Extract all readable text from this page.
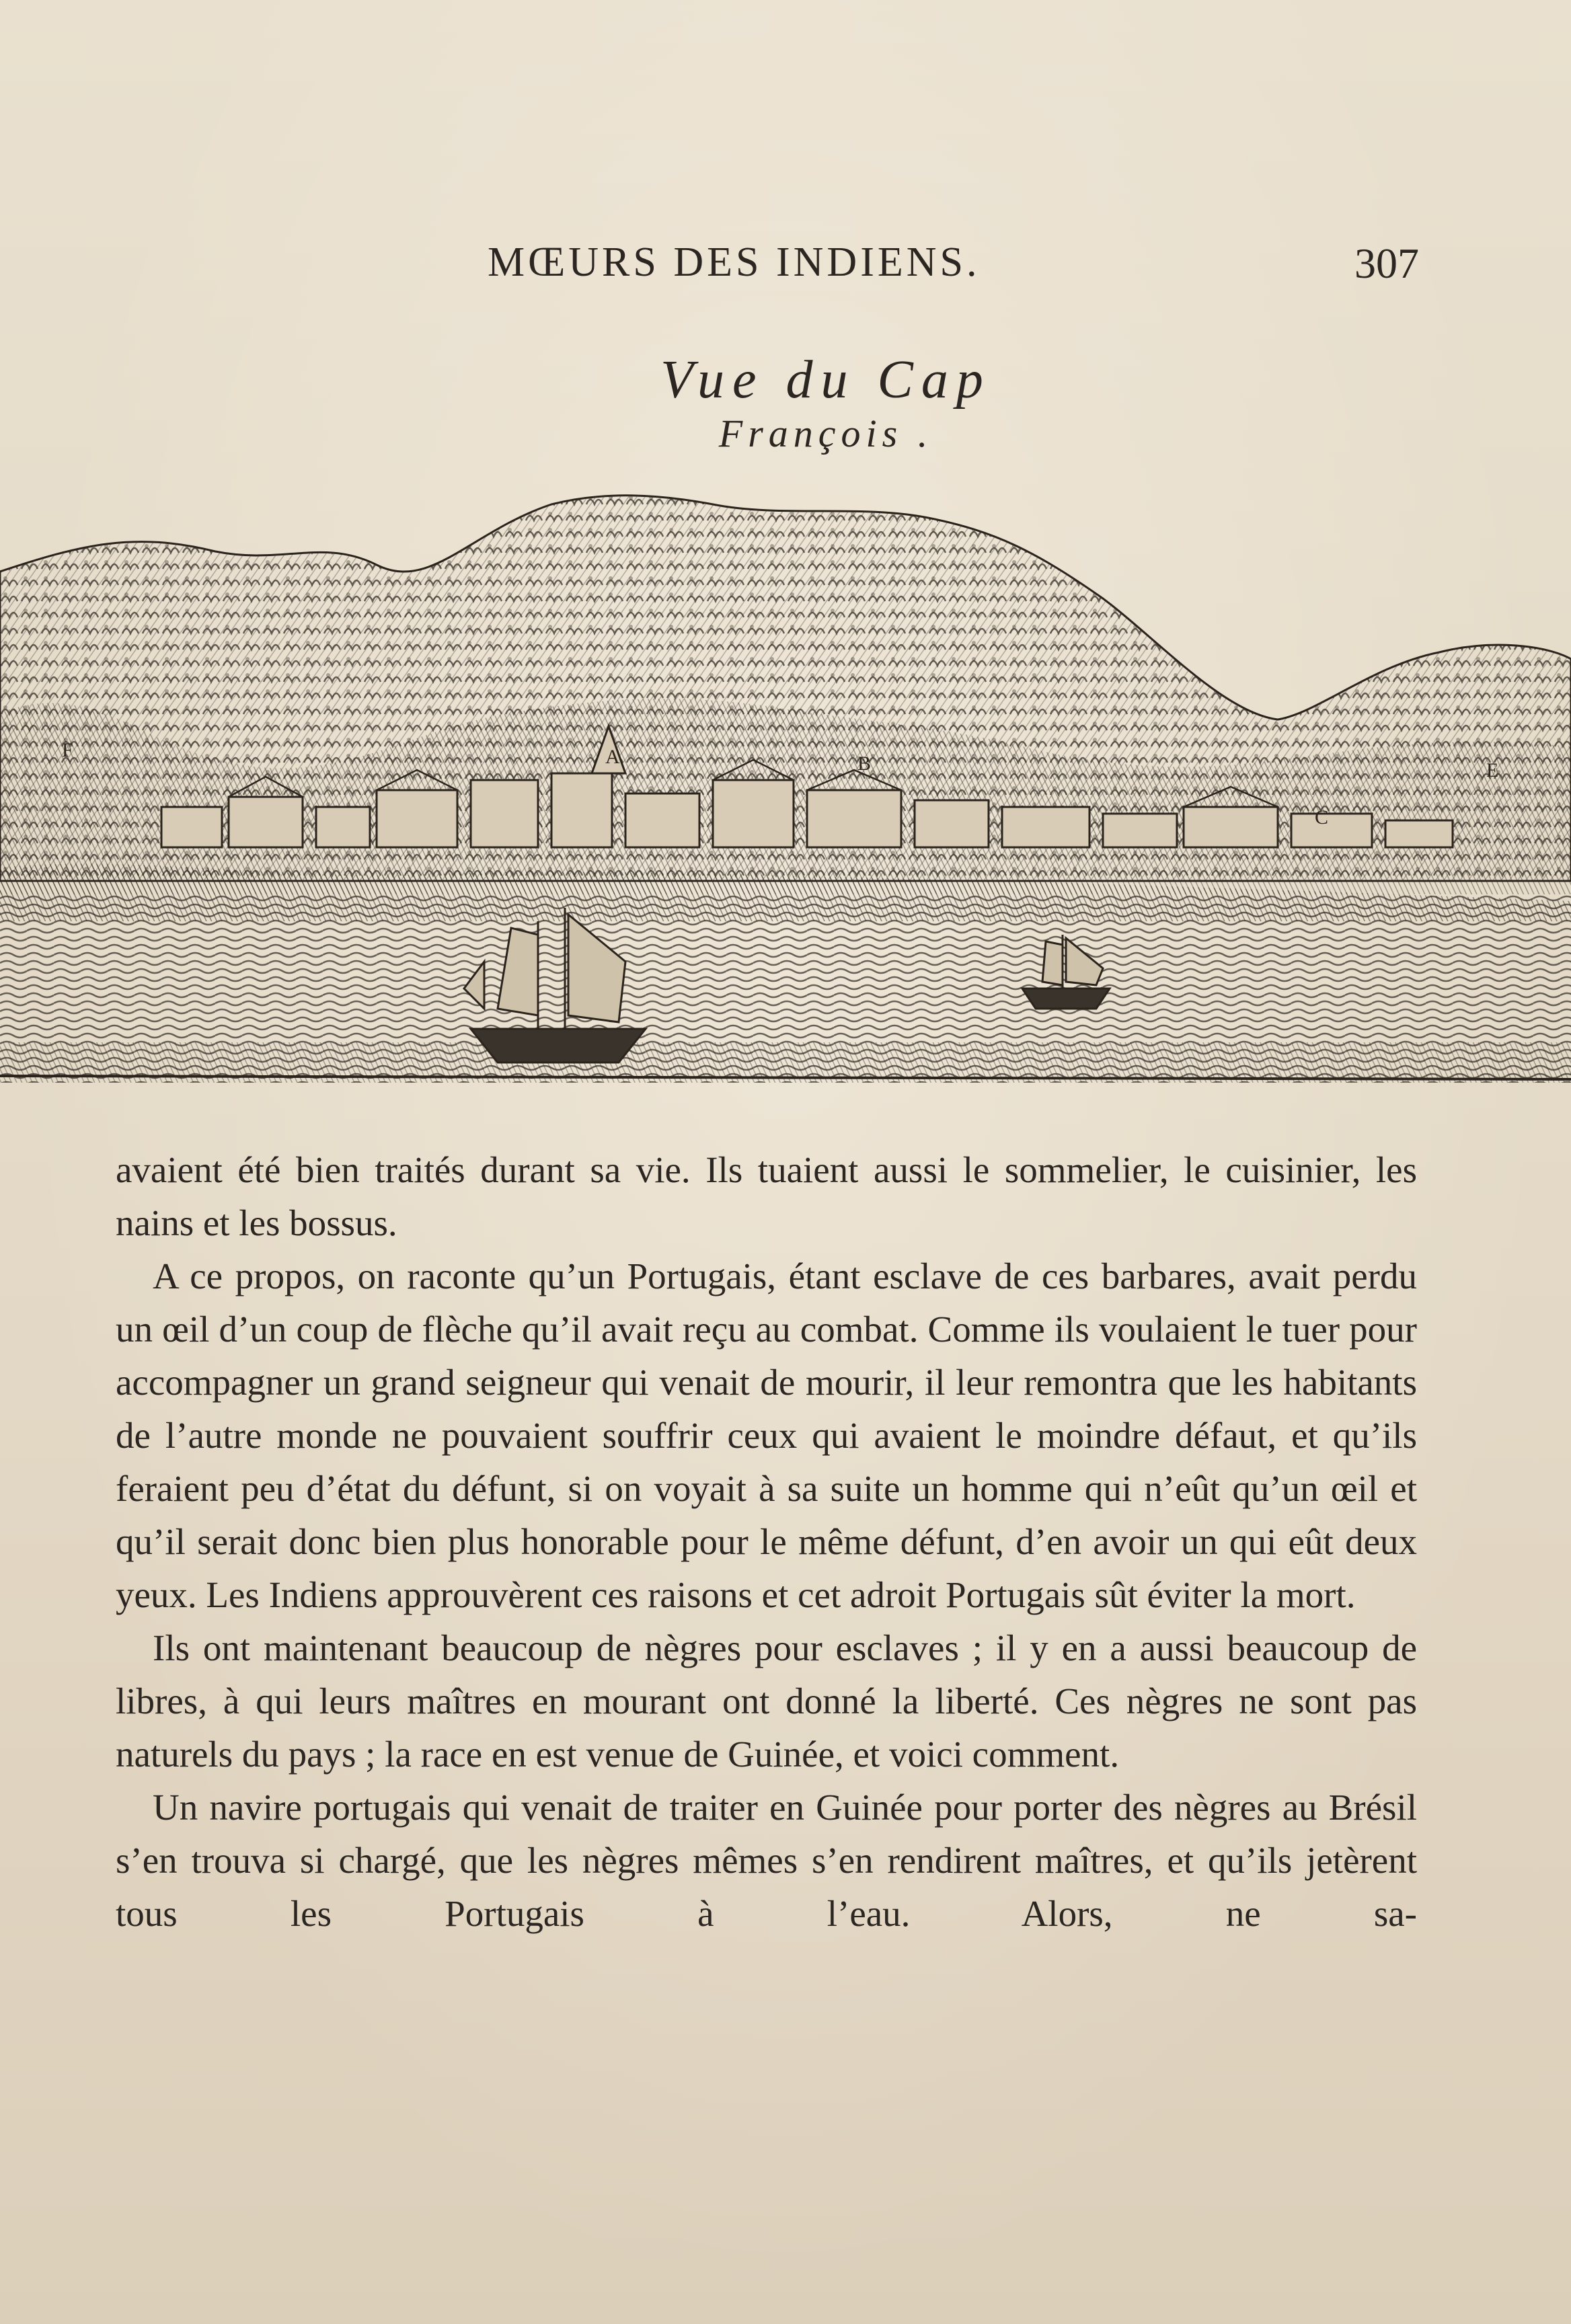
MŒURS DES INDIENS.	307
Vue du Cap
François .
F	A	B
C
E

avaient été bien traités durant sa vie. Ils tuaient aussi le sommelier, le cuisinier, les nains et les bossus.

A ce propos, on raconte qu’un Portugais, étant esclave de ces barbares, avait perdu un œil d’un coup de flèche qu’il avait reçu au combat. Comme ils voulaient le tuer pour accompagner un grand seigneur qui venait de mourir, il leur remontra que les habitants de l’autre monde ne pouvaient souffrir ceux qui avaient le moindre défaut, et qu’ils feraient peu d’état du défunt, si on voyait à sa suite un homme qui n’eût qu’un œil et qu’il serait donc bien plus honorable pour le même défunt, d’en avoir un qui eût deux yeux. Les Indiens approuvèrent ces raisons et cet adroit Portugais sût éviter la mort.

Ils ont maintenant beaucoup de nègres pour esclaves ; il y en a aussi beaucoup de libres, à qui leurs maîtres en mourant ont donné la liberté. Ces nègres ne sont pas naturels du pays ; la race en est venue de Guinée, et voici comment.

Un navire portugais qui venait de traiter en Guinée pour porter des nègres au Brésil s’en trouva si chargé, que les nègres mêmes s’en rendirent maîtres, et qu’ils jetèrent tous les Portugais à l’eau. Alors, ne sa-
